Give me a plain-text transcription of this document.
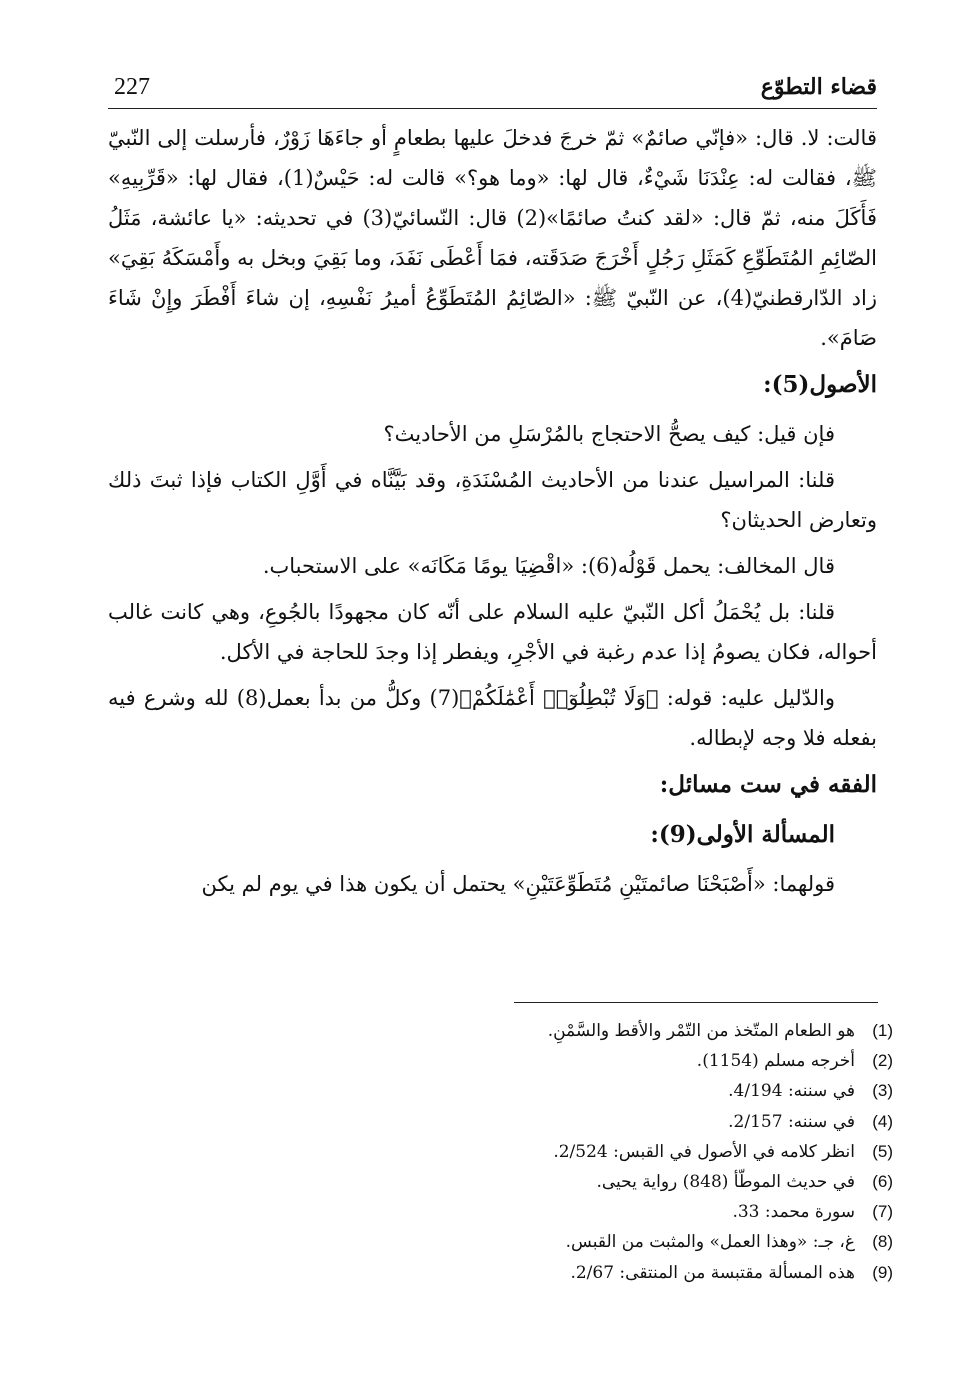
قضاء التطوّع
227

قالت: لا. قال: «فإنّي صائمٌ» ثمّ خرجَ فدخلَ عليها بطعامٍ أو جاءَهَا زَوْرٌ، فأرسلت إلى النّبيّ ﷺ، فقالت له: عِنْدَنَا شَيْءٌ، قال لها: «وما هو؟» قالت له: حَيْسٌ(1)، فقال لها: «قَرِّبِيهِ» فَأَكَلَ منه، ثمّ قال: «لقد كنتُ صائمًا»(2) قال: النّسائيّ(3) في تحديثه: «يا عائشة، مَثَلُ الصّائِمِ المُتَطَوِّعِ كَمَثَلِ رَجُلٍ أَخْرَجَ صَدَقَته، فمَا أَعْطَى نَفَدَ، وما بَقِيَ وبخل به وأَمْسَكَهُ بَقِيَ» زاد الدّارقطنيّ(4)، عن النّبيّ ﷺ: «الصّائِمُ المُتَطَوِّعُ أميرُ نَفْسِهِ، إن شاءَ أَفْطَرَ وإِنْ شَاءَ صَامَ».

الأصول(5):

فإن قيل: كيف يصحُّ الاحتجاج بالمُرْسَلِ من الأحاديث؟

قلنا: المراسيل عندنا من الأحاديث المُسْنَدَةِ، وقد بَيَّنَّاه في أَوَّلِ الكتاب فإذا ثبتَ ذلك وتعارض الحديثان؟

قال المخالف: يحمل قَوْلُه(6): «اقْضِيَا يومًا مَكَانَه» على الاستحباب.

قلنا: بل يُحْمَلُ أكل النّبيّ عليه السلام على أنّه كان مجهودًا بالجُوعِ، وهي كانت غالب أحواله، فكان يصومُ إذا عدم رغبة في الأجْرِ، ويفطر إذا وجدَ للحاجة في الأكل.

والدّليل عليه: قوله: ﴿وَلَا تُبْطِلُوٓا۟ أَعْمَٰلَكُمْ﴾(7) وكلُّ من بدأ بعمل(8) لله وشرع فيه بفعله فلا وجه لإبطاله.

الفقه في ست مسائل:
المسألة الأولى(9):

قولهما: «أَصْبَحْنَا صائمتَيْنِ مُتَطَوِّعَتَيْنِ» يحتمل أن يكون هذا في يوم لم يكن

(1)
هو الطعام المتّخذ من التّمْر والأقط والسَّمْنِ.
(2)
أخرجه مسلم (1154).
(3)
في سننه: 4/194.
(4)
في سننه: 2/157.
(5)
انظر كلامه في الأصول في القبس: 2/524.
(6)
في حديث الموطّأ (848) رواية يحيى.
(7)
سورة محمد: 33.
(8)
غ، جـ: «وهذا العمل» والمثبت من القبس.
(9)
هذه المسألة مقتبسة من المنتقى: 2/67.
